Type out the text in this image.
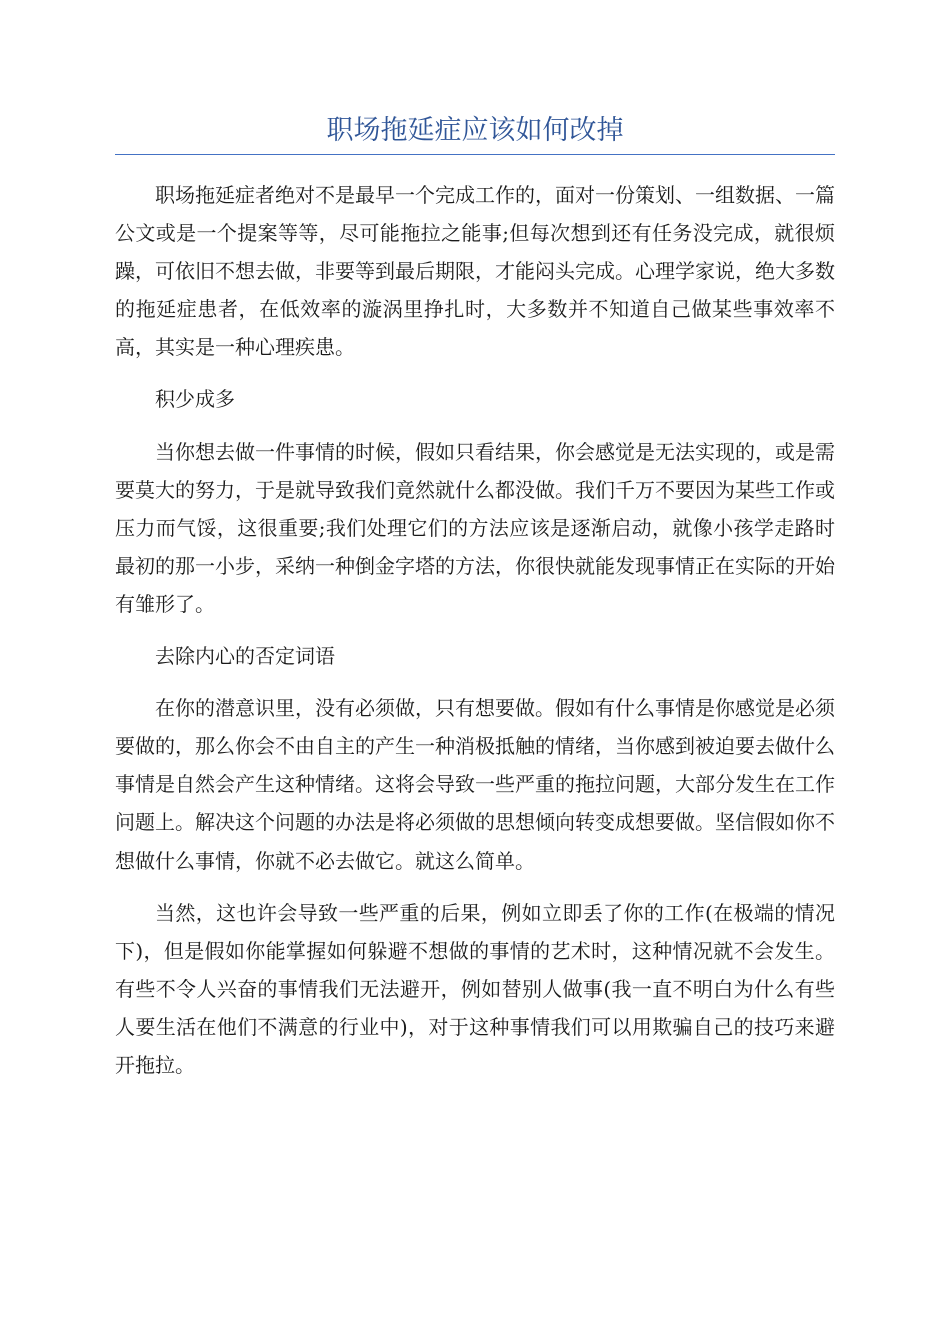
职场拖延症应该如何改掉

职场拖延症者绝对不是最早一个完成工作的，面对一份策划、一组数据、一篇公文或是一个提案等等，尽可能拖拉之能事;但每次想到还有任务没完成，就很烦躁，可依旧不想去做，非要等到最后期限，才能闷头完成。心理学家说，绝大多数的拖延症患者，在低效率的漩涡里挣扎时，大多数并不知道自己做某些事效率不高，其实是一种心理疾患。

积少成多

当你想去做一件事情的时候，假如只看结果，你会感觉是无法实现的，或是需要莫大的努力，于是就导致我们竟然就什么都没做。我们千万不要因为某些工作或压力而气馁，这很重要;我们处理它们的方法应该是逐渐启动，就像小孩学走路时最初的那一小步，采纳一种倒金字塔的方法，你很快就能发现事情正在实际的开始有雏形了。

去除内心的否定词语

在你的潜意识里，没有必须做，只有想要做。假如有什么事情是你感觉是必须要做的，那么你会不由自主的产生一种消极抵触的情绪，当你感到被迫要去做什么事情是自然会产生这种情绪。这将会导致一些严重的拖拉问题，大部分发生在工作问题上。解决这个问题的办法是将必须做的思想倾向转变成想要做。坚信假如你不想做什么事情，你就不必去做它。就这么简单。

当然，这也许会导致一些严重的后果，例如立即丢了你的工作(在极端的情况下)，但是假如你能掌握如何躲避不想做的事情的艺术时，这种情况就不会发生。有些不令人兴奋的事情我们无法避开，例如替别人做事(我一直不明白为什么有些人要生活在他们不满意的行业中)，对于这种事情我们可以用欺骗自己的技巧来避开拖拉。
